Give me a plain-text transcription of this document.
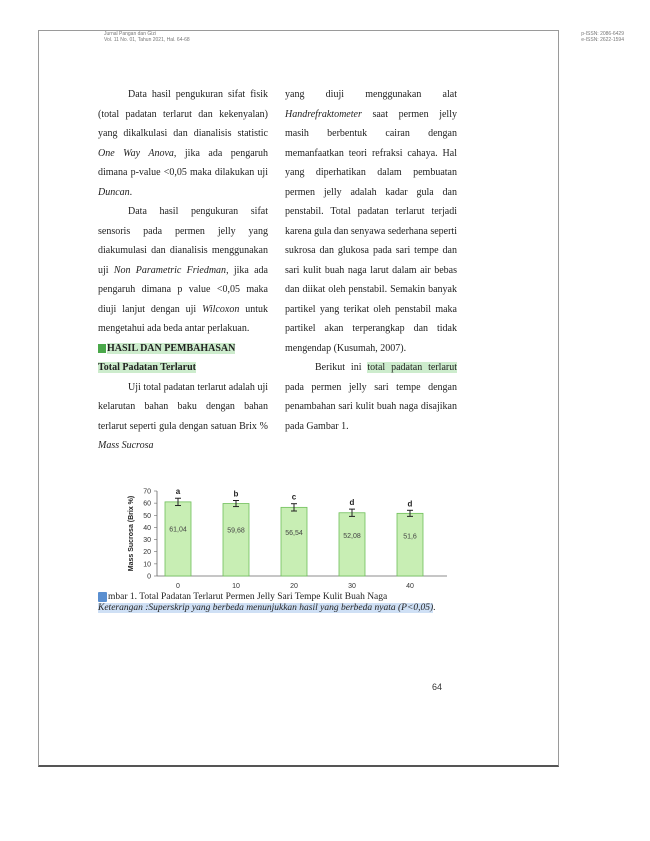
Jurnal Pangan dan Gizi
Vol. 11 No. 01, Tahun 2021, Hal. 64-68
p-ISSN: 2086-6429
e-ISSN: 2622-1594

Data hasil pengukuran sifat fisik (total padatan terlarut dan kekenyalan) yang dikalkulasi dan dianalisis statistic One Way Anova, jika ada pengaruh dimana p-value <0,05 maka dilakukan uji Duncan.

Data hasil pengukuran sifat sensoris pada permen jelly yang diakumulasi dan dianalisis menggunakan uji Non Parametric Friedman, jika ada pengaruh dimana p value <0,05 maka diuji lanjut dengan uji Wilcoxon untuk mengetahui ada beda antar perlakuan.

HASIL DAN PEMBAHASAN

Total Padatan Terlarut

Uji total padatan terlarut adalah uji kelarutan bahan baku dengan bahan terlarut seperti gula dengan satuan Brix % Mass Sucrosa

yang diuji menggunakan alat Handrefraktometer saat permen jelly masih berbentuk cairan dengan memanfaatkan teori refraksi cahaya. Hal yang diperhatikan dalam pembuatan permen jelly adalah kadar gula dan penstabil. Total padatan terlarut terjadi karena gula dan senyawa sederhana seperti sukrosa dan glukosa pada sari tempe dan sari kulit buah naga larut dalam air bebas dan diikat oleh penstabil. Semakin banyak partikel yang terikat oleh penstabil maka partikel akan terperangkap dan tidak mengendap (Kusumah, 2007).

Berikut ini total padatan terlarut pada permen jelly sari tempe dengan penambahan sari kulit buah naga disajikan pada Gambar 1.

0
10
20
30
40
50
60
70
Mass Sucrosa (Brix %)
a
61,04
0
b
59,68
10
c
56,54
20
d
52,08
30
d
51,6
40
mbar 1. Total Padatan Terlarut Permen Jelly Sari Tempe Kulit Buah Naga
Keterangan :Superskrip yang berbeda menunjukkan hasil yang berbeda nyata (P<0,05).
64
